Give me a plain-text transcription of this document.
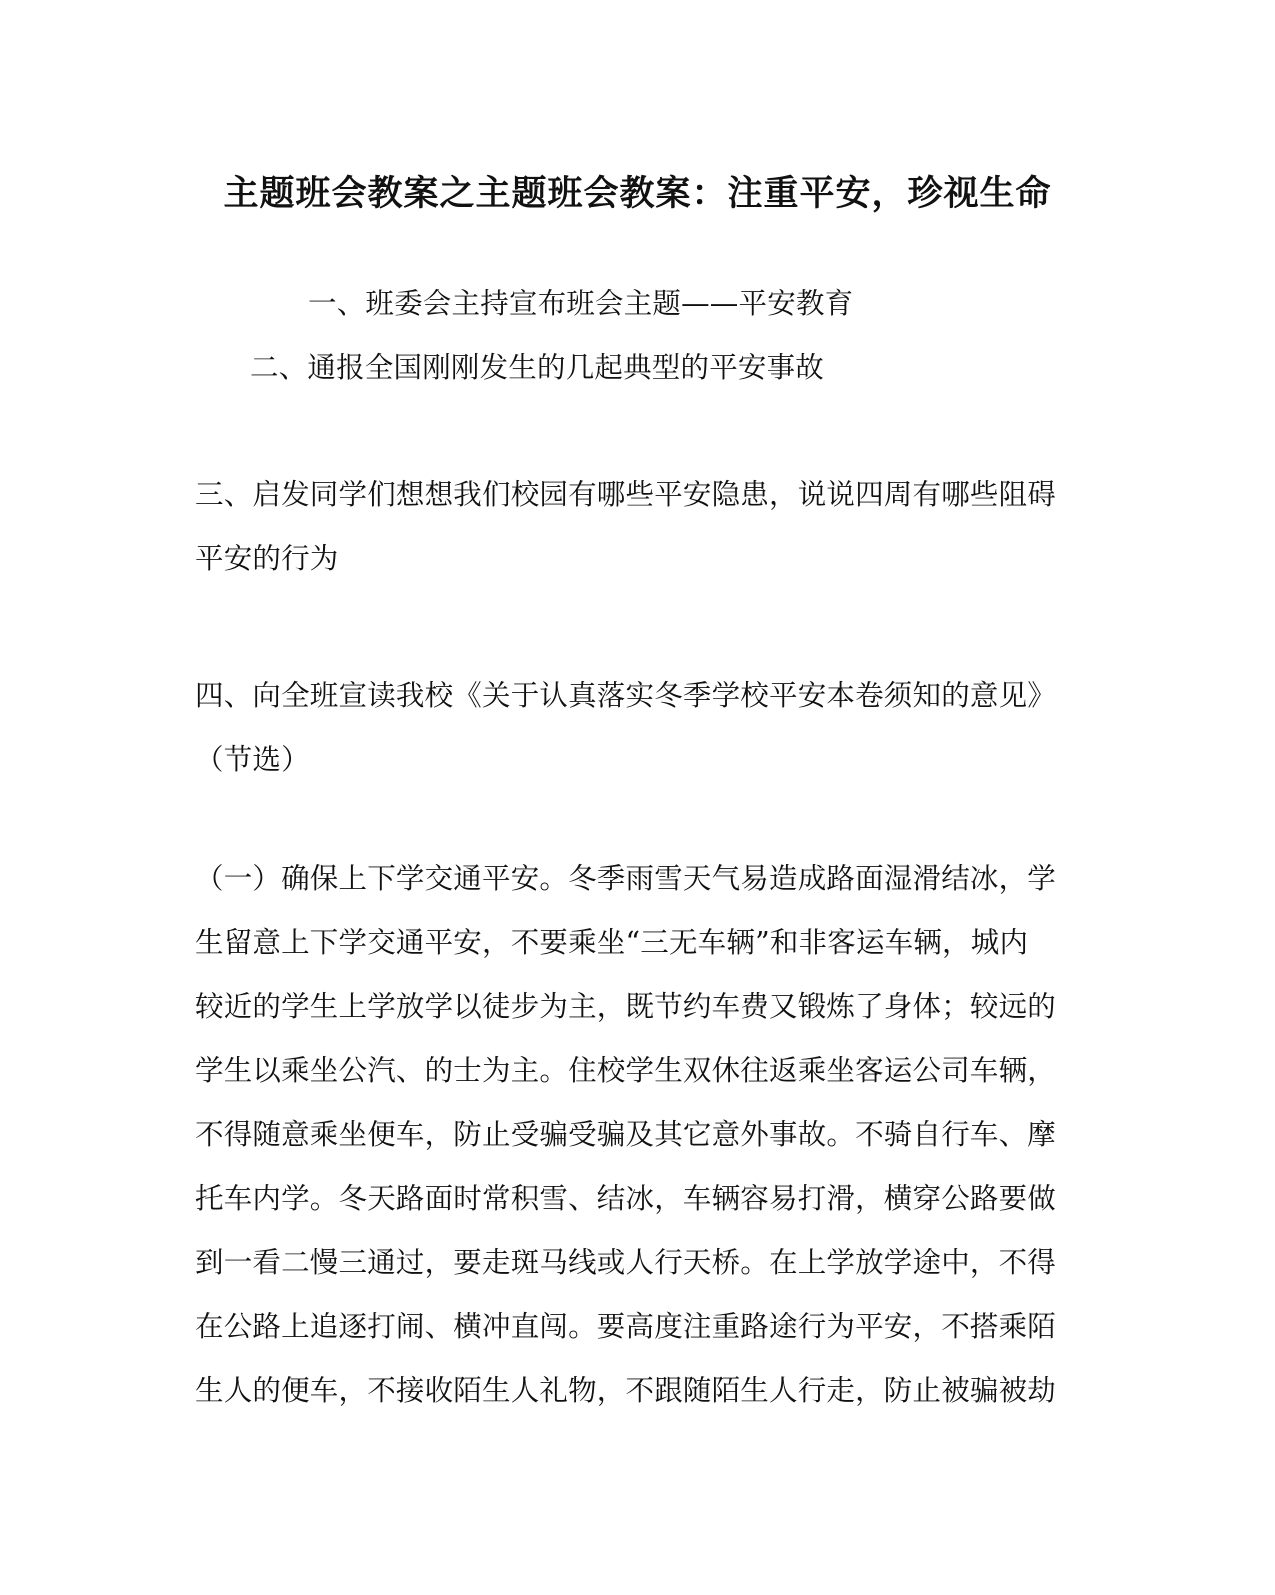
主题班会教案之主题班会教案：注重平安，珍视生命

一、班委会主持宣布班会主题——平安教育

二、通报全国刚刚发生的几起典型的平安事故

三、启发同学们想想我们校园有哪些平安隐患，说说四周有哪些阻碍
平安的行为

四、向全班宣读我校《关于认真落实冬季学校平安本卷须知的意见》
（节选）

（一）确保上下学交通平安。冬季雨雪天气易造成路面湿滑结冰，学
生留意上下学交通平安，不要乘坐“三无车辆”和非客运车辆，城内
较近的学生上学放学以徒步为主，既节约车费又锻炼了身体；较远的
学生以乘坐公汽、的士为主。住校学生双休往返乘坐客运公司车辆，
不得随意乘坐便车，防止受骗受骗及其它意外事故。不骑自行车、摩
托车内学。冬天路面时常积雪、结冰，车辆容易打滑，横穿公路要做
到一看二慢三通过，要走斑马线或人行天桥。在上学放学途中，不得
在公路上追逐打闹、横冲直闯。要高度注重路途行为平安，不搭乘陌
生人的便车，不接收陌生人礼物，不跟随陌生人行走，防止被骗被劫
